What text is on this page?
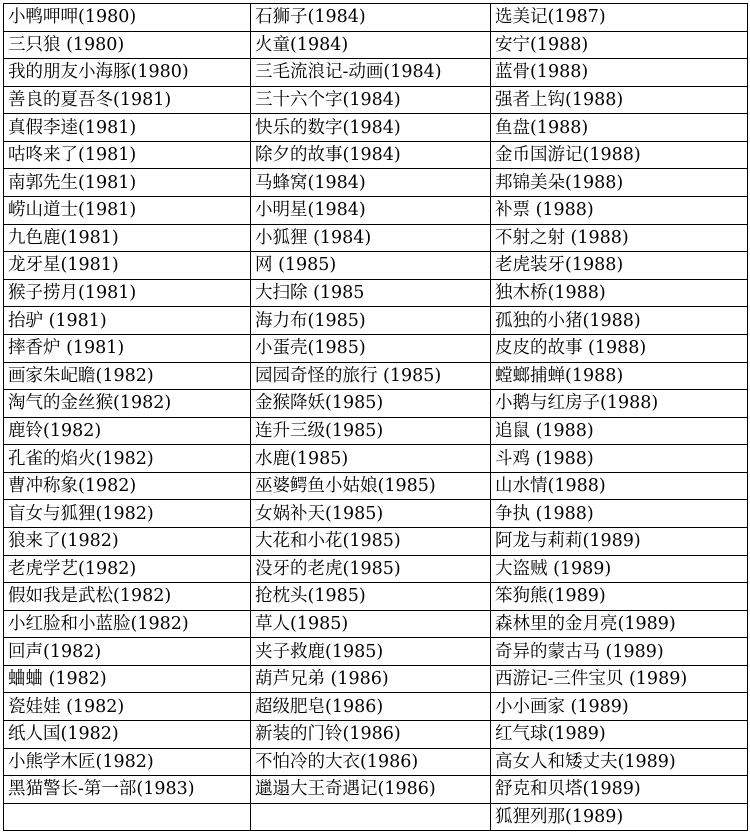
小鸭呷呷(1980)	石狮子(1984)	选美记(1987)
三只狼 (1980)	火童(1984)	安宁(1988)
我的朋友小海豚(1980)	三毛流浪记-动画(1984)	蓝骨(1988)
善良的夏吾冬(1981)	三十六个字(1984)	强者上钩(1988)
真假李逵(1981)	快乐的数字(1984)	鱼盘(1988)
咕咚来了(1981)	除夕的故事(1984)	金币国游记(1988)
南郭先生(1981)	马蜂窝(1984)	邦锦美朵(1988)
崂山道士(1981)	小明星(1984)	补票 (1988)
九色鹿(1981)	小狐狸 (1984)	不射之射 (1988)
龙牙星(1981)	网 (1985)	老虎装牙(1988)
猴子捞月(1981)	大扫除 (1985	独木桥(1988)
抬驴 (1981)	海力布(1985)	孤独的小猪(1988)
摔香炉 (1981)	小蛋壳(1985)	皮皮的故事 (1988)
画家朱屺瞻(1982)	园园奇怪的旅行 (1985)	螳螂捕蝉(1988)
淘气的金丝猴(1982)	金猴降妖(1985)	小鹅与红房子(1988)
鹿铃(1982)	连升三级(1985)	追鼠 (1988)
孔雀的焰火(1982)	水鹿(1985)	斗鸡 (1988)
曹冲称象(1982)	巫婆鳄鱼小姑娘(1985)	山水情(1988)
盲女与狐狸(1982)	女娲补天(1985)	争执 (1988)
狼来了(1982)	大花和小花(1985)	阿龙与莉莉(1989)
老虎学艺(1982)	没牙的老虎(1985)	大盗贼 (1989)
假如我是武松(1982)	抢枕头(1985)	笨狗熊(1989)
小红脸和小蓝脸(1982)	草人(1985)	森林里的金月亮(1989)
回声(1982)	夹子救鹿(1985)	奇异的蒙古马 (1989)
蛐蛐 (1982)	葫芦兄弟 (1986)	西游记-三件宝贝 (1989)
瓷娃娃 (1982)	超级肥皂(1986)	小小画家 (1989)
纸人国(1982)	新装的门铃(1986)	红气球(1989)
小熊学木匠(1982)	不怕冷的大衣(1986)	高女人和矮丈夫(1989)
黑猫警长-第一部(1983)	邋遢大王奇遇记(1986)	舒克和贝塔(1989)
		狐狸列那(1989)
